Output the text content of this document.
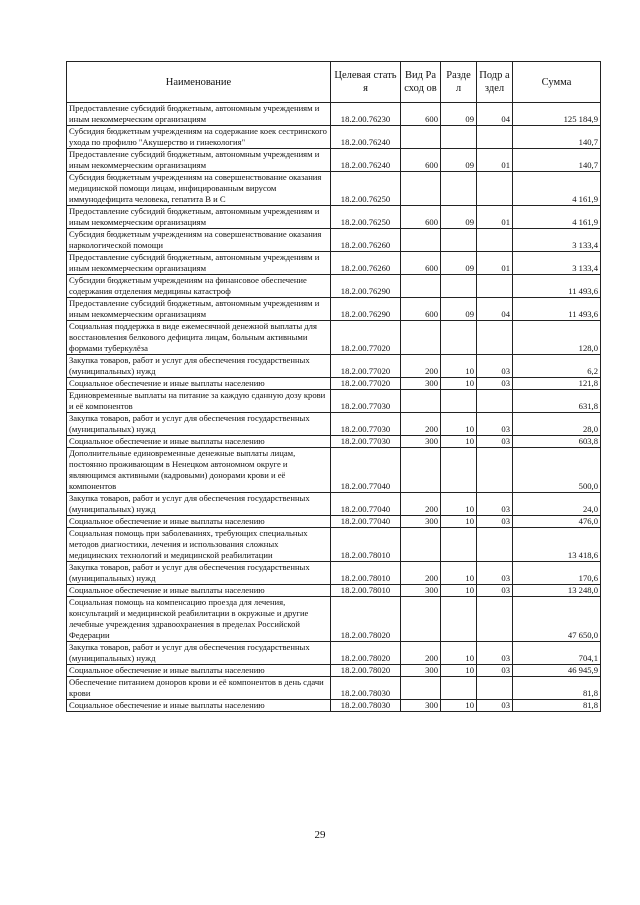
Наименование	Целевая статья	Вид Расход ов	Разде л	Подр аздел	Сумма
Предоставление субсидий бюджетным, автономным учреждениям и иным некоммерческим организациям	18.2.00.76230	600	09	04	125 184,9
Субсидия бюджетным учреждениям на содержание коек сестринского ухода по профилю "Акушерство и гинекология"	18.2.00.76240				140,7
Предоставление субсидий бюджетным, автономным учреждениям и иным некоммерческим организациям	18.2.00.76240	600	09	01	140,7
Субсидия бюджетным учреждениям на совершенствование оказания медицинской помощи лицам, инфицированным вирусом иммунодефицита человека, гепатита В и С	18.2.00.76250				4 161,9
Предоставление субсидий бюджетным, автономным учреждениям и иным некоммерческим организациям	18.2.00.76250	600	09	01	4 161,9
Субсидия бюджетным учреждениям на совершенствование оказания наркологической помощи	18.2.00.76260				3 133,4
Предоставление субсидий бюджетным, автономным учреждениям и иным некоммерческим организациям	18.2.00.76260	600	09	01	3 133,4
Субсидии бюджетным учреждениям на финансовое обеспечение содержания отделения медицины катастроф	18.2.00.76290				11 493,6
Предоставление субсидий бюджетным, автономным учреждениям и иным некоммерческим организациям	18.2.00.76290	600	09	04	11 493,6
Социальная поддержка в виде ежемесячной денежной выплаты для восстановления белкового дефицита лицам, больным активными формами туберкулёза	18.2.00.77020				128,0
Закупка товаров, работ и услуг для обеспечения государственных (муниципальных) нужд	18.2.00.77020	200	10	03	6,2
Социальное обеспечение и иные выплаты населению	18.2.00.77020	300	10	03	121,8
Единовременные выплаты на питание за каждую сданную дозу крови и её компонентов	18.2.00.77030				631,8
Закупка товаров, работ и услуг для обеспечения государственных (муниципальных) нужд	18.2.00.77030	200	10	03	28,0
Социальное обеспечение и иные выплаты населению	18.2.00.77030	300	10	03	603,8
Дополнительные единовременные денежные выплаты лицам, постоянно проживающим в Ненецком автономном округе и являющимся активными (кадровыми) донорами крови и её компонентов	18.2.00.77040				500,0
Закупка товаров, работ и услуг для обеспечения государственных (муниципальных) нужд	18.2.00.77040	200	10	03	24,0
Социальное обеспечение и иные выплаты населению	18.2.00.77040	300	10	03	476,0
Социальная помощь при заболеваниях, требующих специальных методов диагностики, лечения и использования сложных медицинских технологий и медицинской реабилитации	18.2.00.78010				13 418,6
Закупка товаров, работ и услуг для обеспечения государственных (муниципальных) нужд	18.2.00.78010	200	10	03	170,6
Социальное обеспечение и иные выплаты населению	18.2.00.78010	300	10	03	13 248,0
Социальная помощь на компенсацию проезда для лечения, консультаций и медицинской реабилитации в окружные и другие лечебные учреждения здравоохранения в пределах Российской Федерации	18.2.00.78020				47 650,0
Закупка товаров, работ и услуг для обеспечения государственных (муниципальных) нужд	18.2.00.78020	200	10	03	704,1
Социальное обеспечение и иные выплаты населению	18.2.00.78020	300	10	03	46 945,9
Обеспечение питанием доноров крови и её компонентов в день сдачи крови	18.2.00.78030				81,8
Социальное обеспечение и иные выплаты населению	18.2.00.78030	300	10	03	81,8
29
